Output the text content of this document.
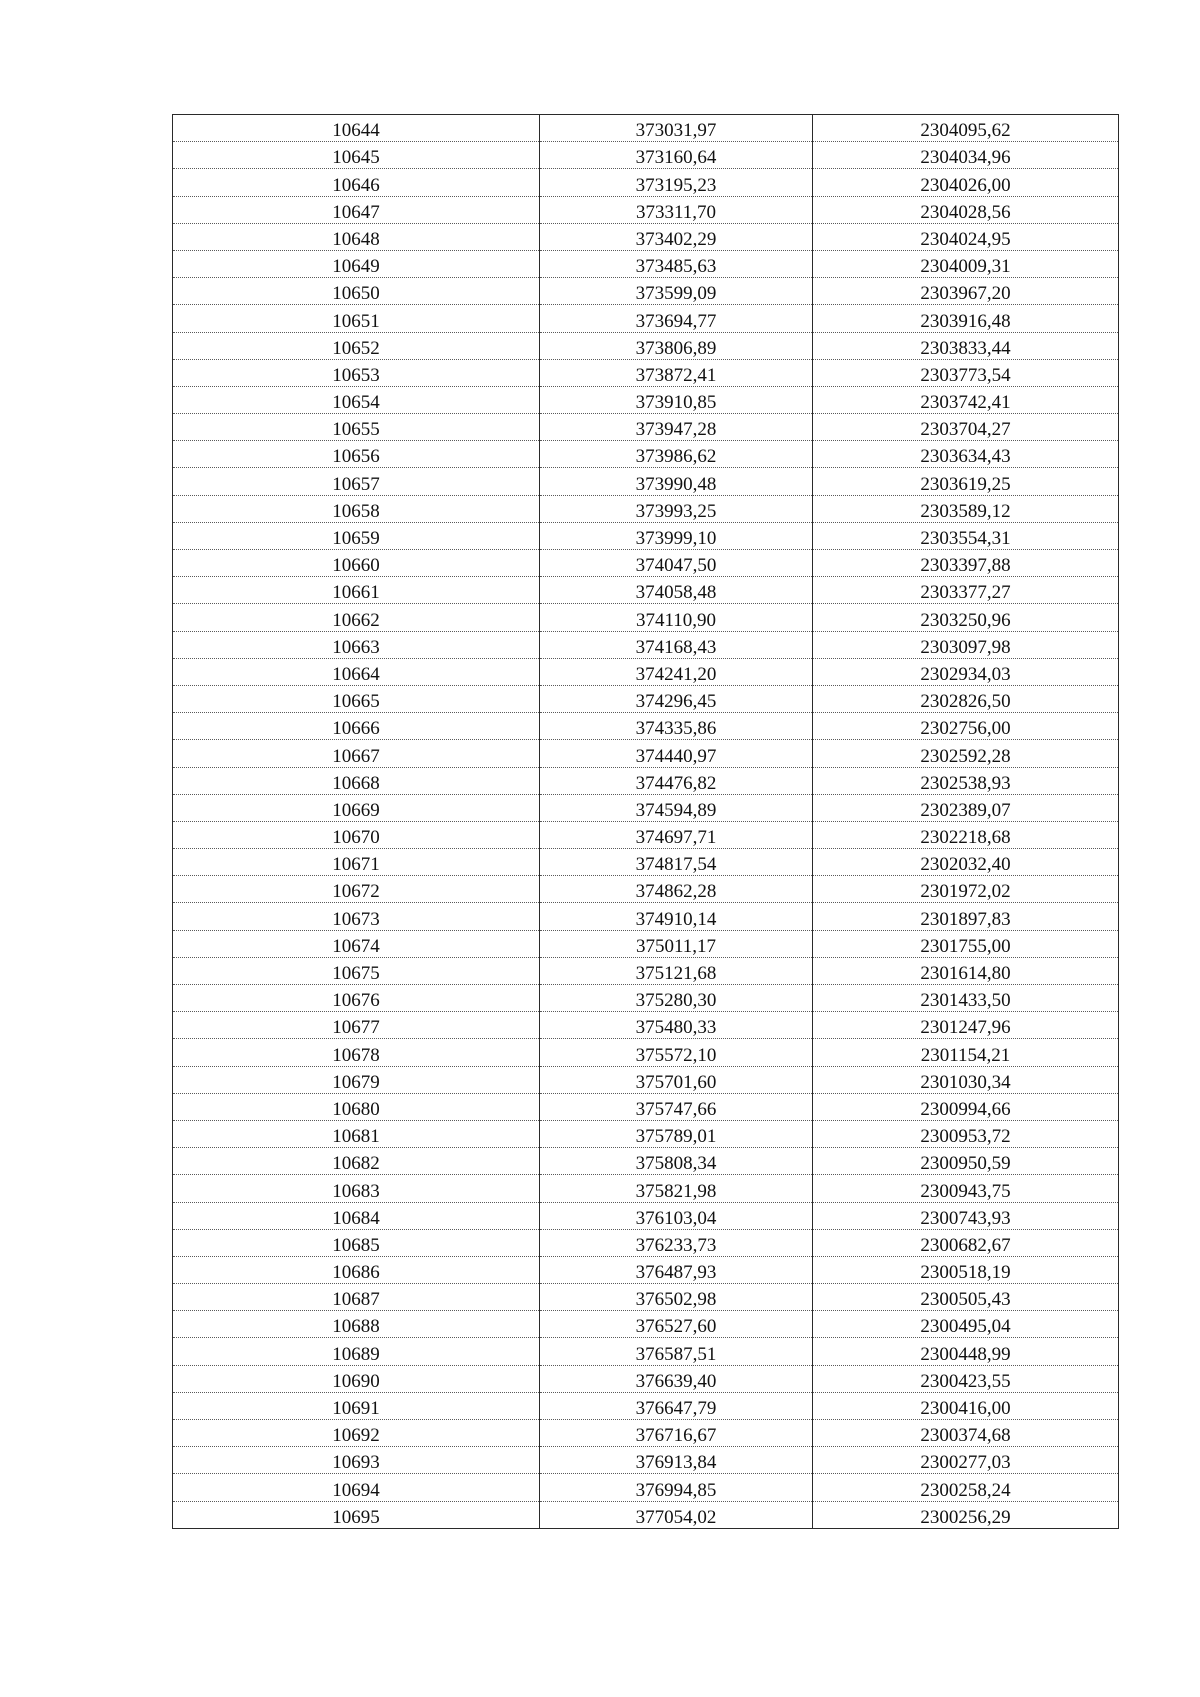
10644	373031,97	2304095,62
10645	373160,64	2304034,96
10646	373195,23	2304026,00
10647	373311,70	2304028,56
10648	373402,29	2304024,95
10649	373485,63	2304009,31
10650	373599,09	2303967,20
10651	373694,77	2303916,48
10652	373806,89	2303833,44
10653	373872,41	2303773,54
10654	373910,85	2303742,41
10655	373947,28	2303704,27
10656	373986,62	2303634,43
10657	373990,48	2303619,25
10658	373993,25	2303589,12
10659	373999,10	2303554,31
10660	374047,50	2303397,88
10661	374058,48	2303377,27
10662	374110,90	2303250,96
10663	374168,43	2303097,98
10664	374241,20	2302934,03
10665	374296,45	2302826,50
10666	374335,86	2302756,00
10667	374440,97	2302592,28
10668	374476,82	2302538,93
10669	374594,89	2302389,07
10670	374697,71	2302218,68
10671	374817,54	2302032,40
10672	374862,28	2301972,02
10673	374910,14	2301897,83
10674	375011,17	2301755,00
10675	375121,68	2301614,80
10676	375280,30	2301433,50
10677	375480,33	2301247,96
10678	375572,10	2301154,21
10679	375701,60	2301030,34
10680	375747,66	2300994,66
10681	375789,01	2300953,72
10682	375808,34	2300950,59
10683	375821,98	2300943,75
10684	376103,04	2300743,93
10685	376233,73	2300682,67
10686	376487,93	2300518,19
10687	376502,98	2300505,43
10688	376527,60	2300495,04
10689	376587,51	2300448,99
10690	376639,40	2300423,55
10691	376647,79	2300416,00
10692	376716,67	2300374,68
10693	376913,84	2300277,03
10694	376994,85	2300258,24
10695	377054,02	2300256,29
